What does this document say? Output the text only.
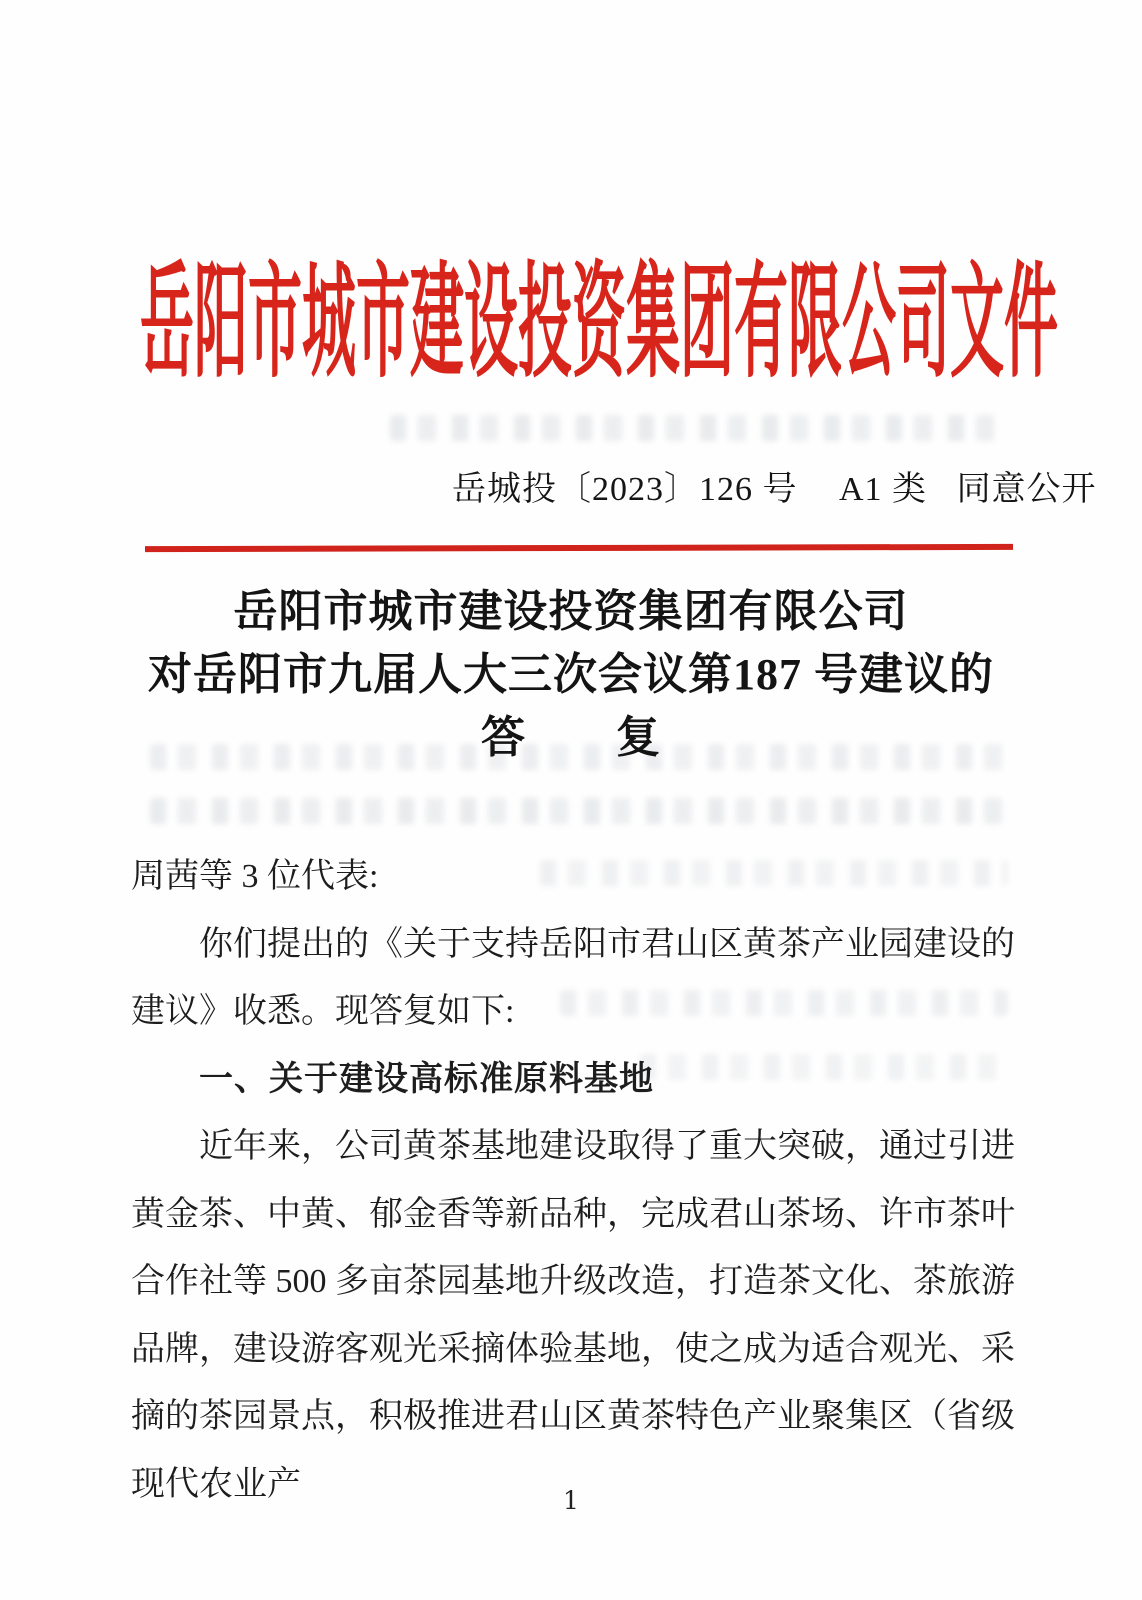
岳阳市城市建设投资集团有限公司文件
岳城投〔2023〕126 号 A1 类 同意公开
岳阳市城市建设投资集团有限公司
对岳阳市九届人大三次会议第187 号建议的
答　　复
周茜等 3 位代表:

你们提出的《关于支持岳阳市君山区黄茶产业园建设的建议》收悉。现答复如下:

一、关于建设高标准原料基地

近年来，公司黄茶基地建设取得了重大突破，通过引进黄金茶、中黄、郁金香等新品种，完成君山茶场、许市茶叶合作社等 500 多亩茶园基地升级改造，打造茶文化、茶旅游品牌，建设游客观光采摘体验基地，使之成为适合观光、采摘的茶园景点，积极推进君山区黄茶特色产业聚集区（省级现代农业产	1
